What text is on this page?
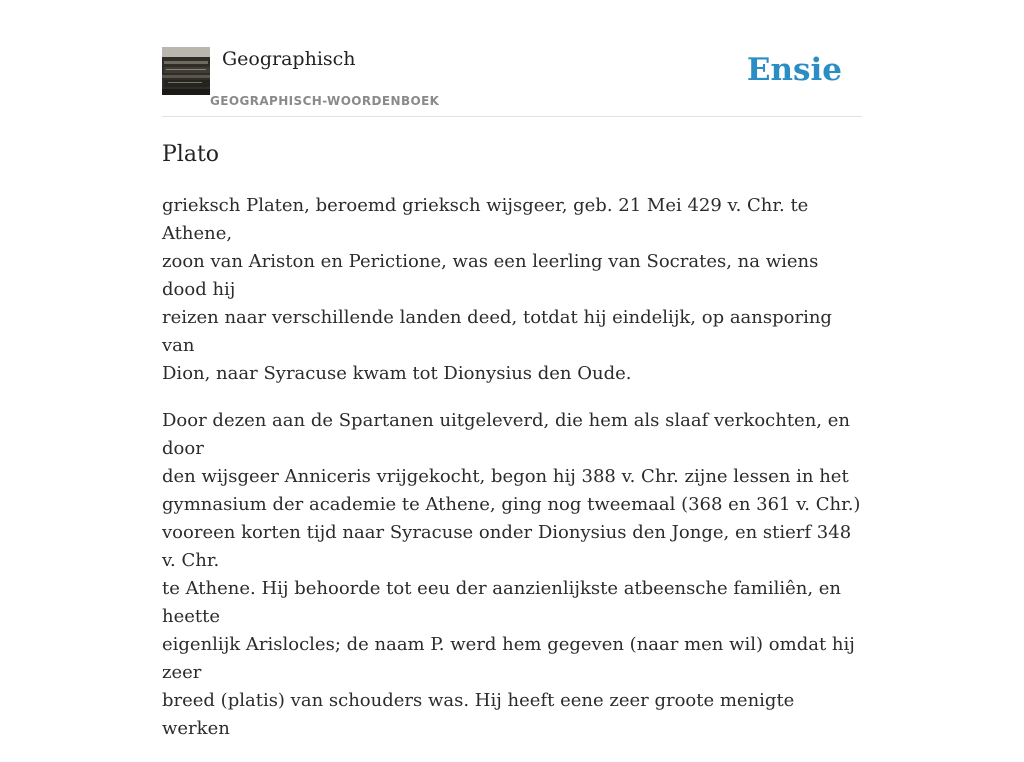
Geographisch
GEOGRAPHISCH-WOORDENBOEK
Ensie
Plato

grieksch Platen, beroemd grieksch wijsgeer, geb. 21 Mei 429 v. Chr. te Athene,
zoon van Ariston en Perictione, was een leerling van Socrates, na wiens dood hij
reizen naar verschillende landen deed, totdat hij eindelijk, op aansporing van
Dion, naar Syracuse kwam tot Dionysius den Oude.

Door dezen aan de Spartanen uitgeleverd, die hem als slaaf verkochten, en door
den wijsgeer Anniceris vrijgekocht, begon hij 388 v. Chr. zijne lessen in het
gymnasium der academie te Athene, ging nog tweemaal (368 en 361 v. Chr.)
vooreen korten tijd naar Syracuse onder Dionysius den Jonge, en stierf 348 v. Chr.
te Athene. Hij behoorde tot eeu der aanzienlijkste atbeensche familiên, en heette
eigenlijk Arislocles; de naam P. werd hem gegeven (naar men wil) omdat hij zeer
breed (platis) van schouders was. Hij heeft eene zeer groote menigte werken
